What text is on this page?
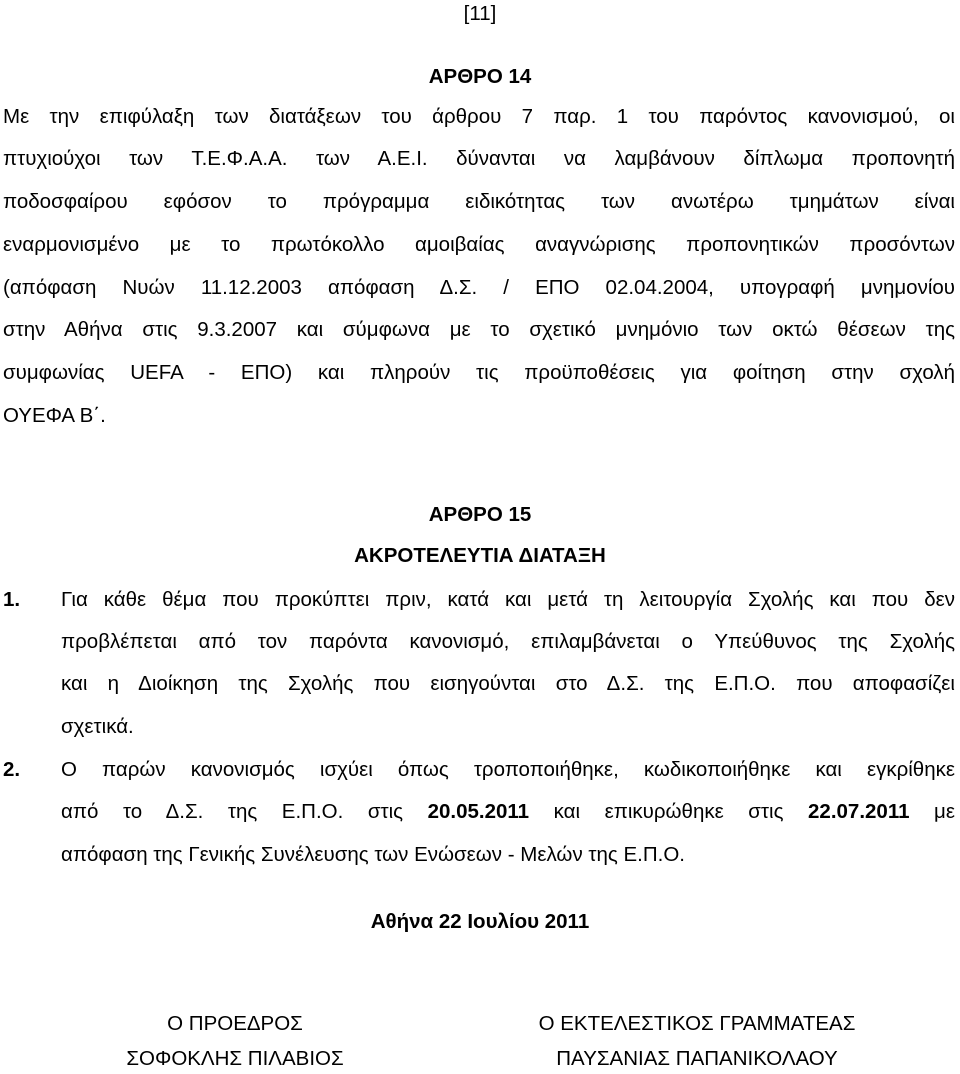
[11]
ΑΡΘΡΟ 14
Με την επιφύλαξη των διατάξεων του άρθρου 7 παρ. 1 του παρόντος κανονισμού, οι
πτυχιούχοι των Τ.Ε.Φ.Α.Α. των Α.Ε.Ι. δύνανται να λαμβάνουν δίπλωμα προπονητή
ποδοσφαίρου εφόσον το πρόγραμμα ειδικότητας των ανωτέρω τμημάτων είναι
εναρμονισμένο με το πρωτόκολλο αμοιβαίας αναγνώρισης προπονητικών προσόντων
(απόφαση Νυών 11.12.2003 απόφαση Δ.Σ. / ΕΠΟ 02.04.2004, υπογραφή μνημονίου
στην Αθήνα στις 9.3.2007 και σύμφωνα με το σχετικό μνημόνιο των οκτώ θέσεων της
συμφωνίας UEFA - ΕΠΟ) και πληρούν τις προϋποθέσεις για φοίτηση στην σχολή
ΟΥΕΦΑ Β΄.
ΑΡΘΡΟ 15
ΑΚΡΟΤΕΛΕΥΤΙΑ ΔΙΑΤΑΞΗ
1. Για κάθε θέμα που προκύπτει πριν, κατά και μετά τη λειτουργία Σχολής και που δεν
προβλέπεται από τον παρόντα κανονισμό, επιλαμβάνεται ο Υπεύθυνος της Σχολής
και η Διοίκηση της Σχολής που εισηγούνται στο Δ.Σ. της Ε.Π.Ο. που αποφασίζει
σχετικά.
2. Ο παρών κανονισμός ισχύει όπως τροποποιήθηκε, κωδικοποιήθηκε και εγκρίθηκε
από το Δ.Σ. της Ε.Π.Ο. στις 20.05.2011 και επικυρώθηκε στις 22.07.2011 με
απόφαση της Γενικής Συνέλευσης των Ενώσεων - Μελών της Ε.Π.Ο.
Αθήνα 22 Ιουλίου 2011
Ο ΠΡΟΕΔΡΟΣ
ΣΟΦΟΚΛΗΣ ΠΙΛΑΒΙΟΣ
Ο ΕΚΤΕΛΕΣΤΙΚΟΣ ΓΡΑΜΜΑΤΕΑΣ
ΠΑΥΣΑΝΙΑΣ ΠΑΠΑΝΙΚΟΛΑΟΥ
